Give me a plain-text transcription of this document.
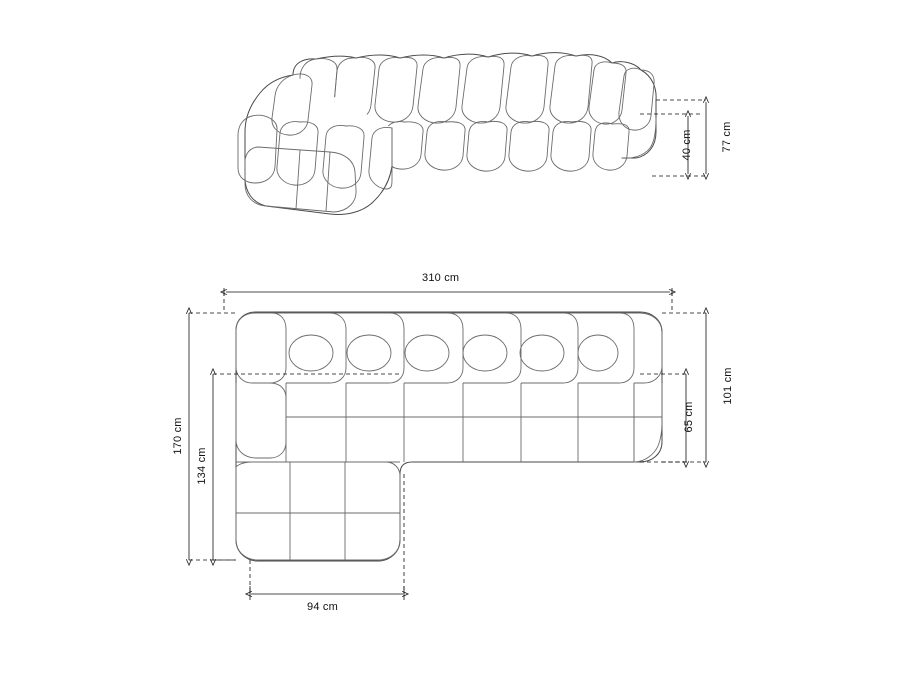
77 cm
40 cm
310 cm
170 cm
134 cm
101 cm
65 cm
94 cm
